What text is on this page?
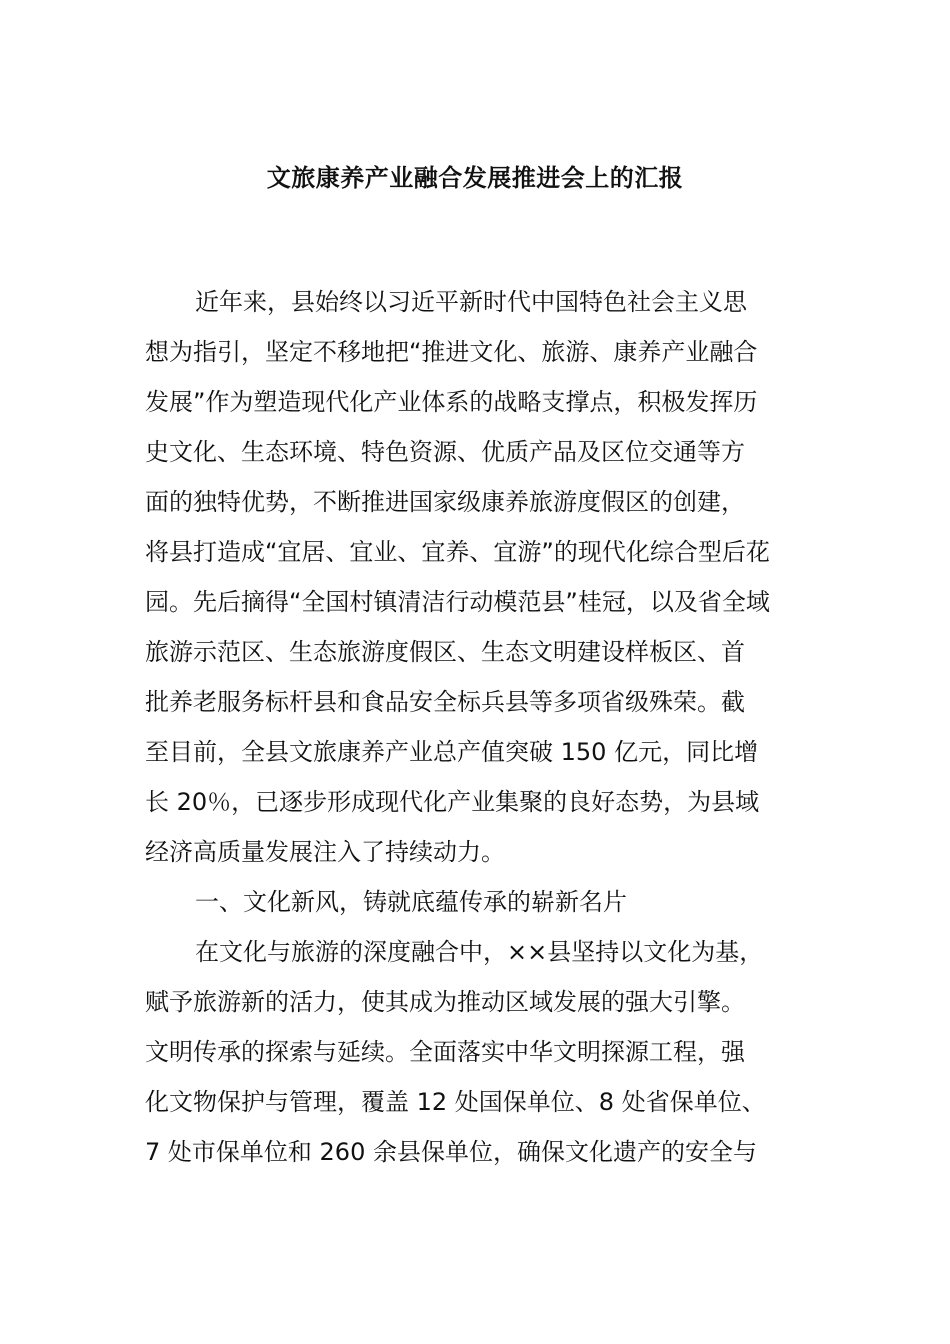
文旅康养产业融合发展推进会上的汇报
近年来，县始终以习近平新时代中国特色社会主义思
想为指引，坚定不移地把“推进文化、旅游、康养产业融合
发展”作为塑造现代化产业体系的战略支撑点，积极发挥历
史文化、生态环境、特色资源、优质产品及区位交通等方
面的独特优势，不断推进国家级康养旅游度假区的创建，
将县打造成“宜居、宜业、宜养、宜游”的现代化综合型后花
园。先后摘得“全国村镇清洁行动模范县”桂冠，以及省全域
旅游示范区、生态旅游度假区、生态文明建设样板区、首
批养老服务标杆县和食品安全标兵县等多项省级殊荣。截
至目前，全县文旅康养产业总产值突破 150 亿元，同比增
长 20％，已逐步形成现代化产业集聚的良好态势，为县域
经济高质量发展注入了持续动力。
一、文化新风，铸就底蕴传承的崭新名片
在文化与旅游的深度融合中，××县坚持以文化为基，
赋予旅游新的活力，使其成为推动区域发展的强大引擎。
文明传承的探索与延续。全面落实中华文明探源工程，强
化文物保护与管理，覆盖 12 处国保单位、8 处省保单位、
7 处市保单位和 260 余县保单位，确保文化遗产的安全与
